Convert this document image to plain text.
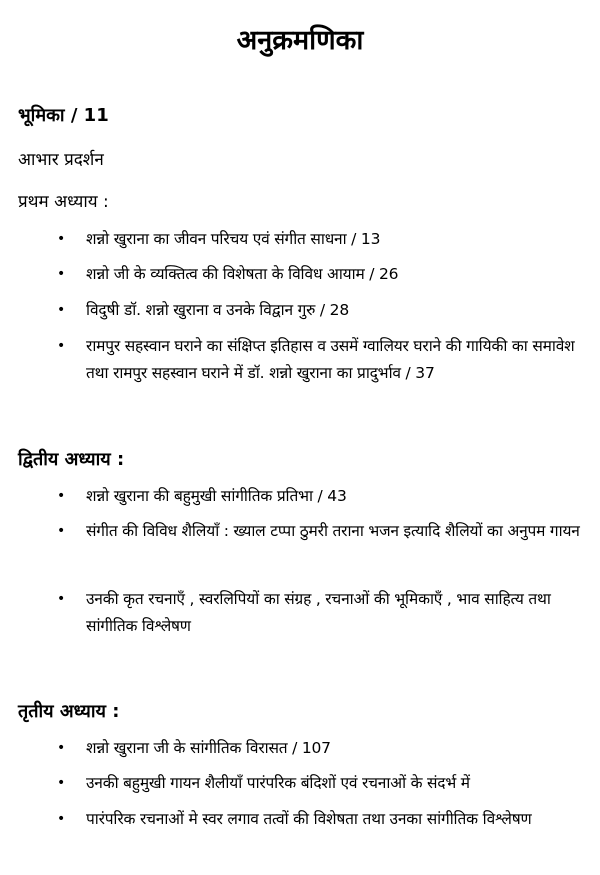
अनुक्रमणिका

भूमिका / 11

आभार प्रदर्शन

प्रथम अध्याय :

• शन्नो खुराना का जीवन परिचय एवं संगीत साधना / 13
• शन्नो जी के व्यक्तित्व की विशेषता के विविध आयाम / 26
• विदुषी डॉ. शन्नो खुराना व उनके विद्वान गुरु / 28
• रामपुर सहस्वान घराने का संक्षिप्त इतिहास व उसमें ग्वालियर घराने की गायिकी का समावेश तथा रामपुर सहस्वान घराने में डॉ. शन्नो खुराना का प्रादुर्भाव / 37

द्वितीय अध्याय :

• शन्नो खुराना की बहुमुखी सांगीतिक प्रतिभा / 43
• संगीत की विविध शैलियाँ : ख्याल टप्पा ठुमरी तराना भजन इत्यादि शैलियों का अनुपम गायन
• उनकी कृत रचनाएँ , स्वरलिपियों का संग्रह , रचनाओं की भूमिकाएँ , भाव साहित्य तथा सांगीतिक विश्लेषण

तृतीय अध्याय :

• शन्नो खुराना जी के सांगीतिक विरासत / 107
• उनकी बहुमुखी गायन शैलीयाँ पारंपरिक बंदिशों एवं रचनाओं के संदर्भ में
• पारंपरिक रचनाओं मे स्वर लगाव तत्वों की विशेषता तथा उनका सांगीतिक विश्लेषण
